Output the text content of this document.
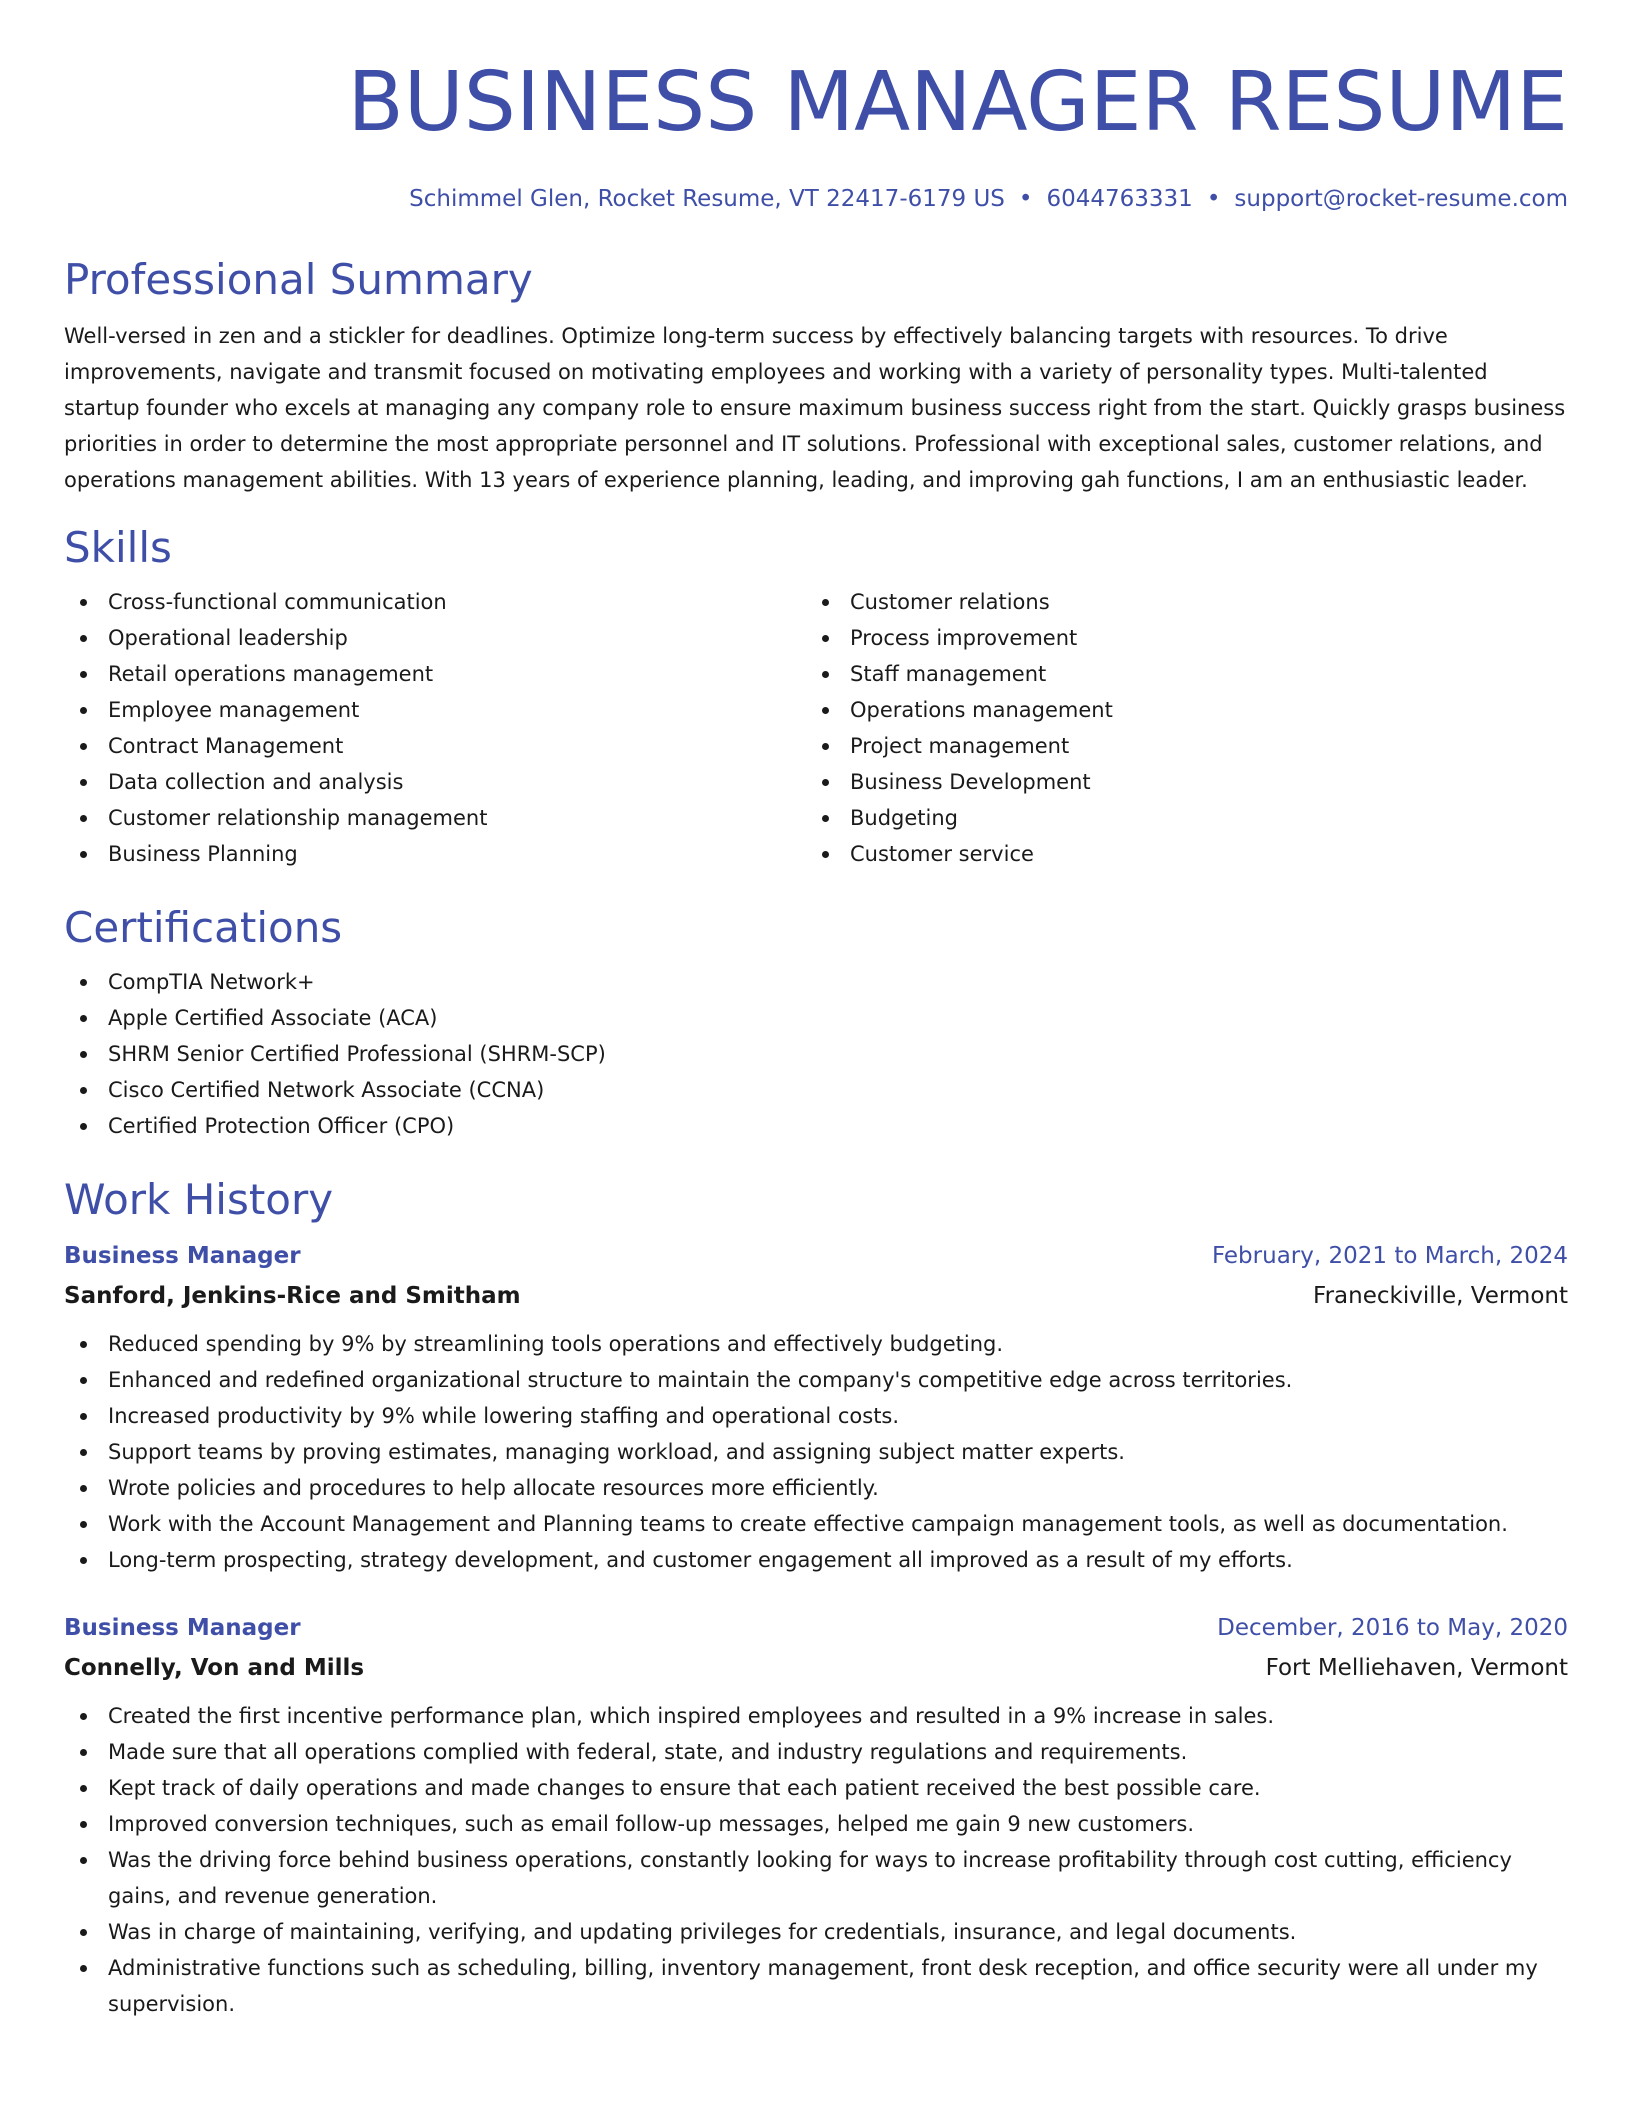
BUSINESS MANAGER RESUME
Schimmel Glen, Rocket Resume, VT 22417-6179 US • 6044763331 • support@rocket-resume.com
Professional Summary

Well-versed in zen and a stickler for deadlines. Optimize long-term success by effectively balancing targets with resources. To drive improvements, navigate and transmit focused on motivating employees and working with a variety of personality types. Multi-talented startup founder who excels at managing any company role to ensure maximum business success right from the start. Quickly grasps business priorities in order to determine the most appropriate personnel and IT solutions. Professional with exceptional sales, customer relations, and operations management abilities. With 13 years of experience planning, leading, and improving gah functions, I am an enthusiastic leader.

Skills
Cross-functional communication
Operational leadership
Retail operations management
Employee management
Contract Management
Data collection and analysis
Customer relationship management
Business Planning
Customer relations
Process improvement
Staff management
Operations management
Project management
Business Development
Budgeting
Customer service
Certifications
CompTIA Network+
Apple Certified Associate (ACA)
SHRM Senior Certified Professional (SHRM-SCP)
Cisco Certified Network Associate (CCNA)
Certified Protection Officer (CPO)
Work History
Business Manager	February, 2021 to March, 2024
Sanford, Jenkins-Rice and Smitham	Franeckiville, Vermont
Reduced spending by 9% by streamlining tools operations and effectively budgeting.
Enhanced and redefined organizational structure to maintain the company's competitive edge across territories.
Increased productivity by 9% while lowering staffing and operational costs.
Support teams by proving estimates, managing workload, and assigning subject matter experts.
Wrote policies and procedures to help allocate resources more efficiently.
Work with the Account Management and Planning teams to create effective campaign management tools, as well as documentation.
Long-term prospecting, strategy development, and customer engagement all improved as a result of my efforts.
Business Manager	December, 2016 to May, 2020
Connelly, Von and Mills	Fort Melliehaven, Vermont
Created the first incentive performance plan, which inspired employees and resulted in a 9% increase in sales.
Made sure that all operations complied with federal, state, and industry regulations and requirements.
Kept track of daily operations and made changes to ensure that each patient received the best possible care.
Improved conversion techniques, such as email follow-up messages, helped me gain 9 new customers.
Was the driving force behind business operations, constantly looking for ways to increase profitability through cost cutting, efficiency gains, and revenue generation.
Was in charge of maintaining, verifying, and updating privileges for credentials, insurance, and legal documents.
Administrative functions such as scheduling, billing, inventory management, front desk reception, and office security were all under my supervision.
